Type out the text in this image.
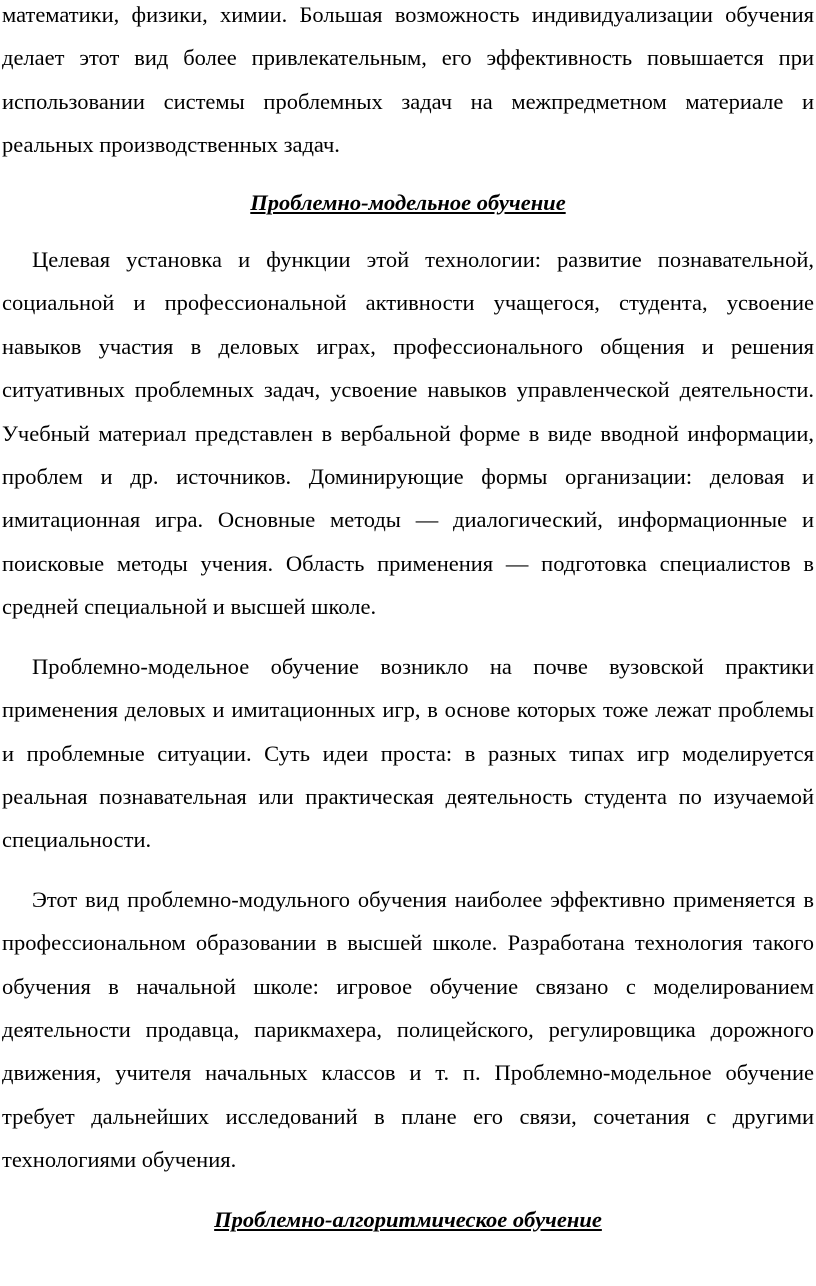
математики, физики, химии. Большая возможность индивидуализации обучения делает этот вид более привлекательным, его эффективность повышается при использовании системы проблемных задач на межпредметном материале и реальных производственных задач.

Проблемно-модельное обучение

Целевая установка и функции этой технологии: развитие познавательной, социальной и профессиональной активности учащегося, студента, усвоение навыков участия в деловых играх, профессионального общения и решения ситуативных проблемных задач, усвоение навыков управленческой деятельности. Учебный материал представлен в вербальной форме в виде вводной информации, проблем и др. источников. Доминирующие формы организации: деловая и имитационная игра. Основные методы — диалогический, информационные и поисковые методы учения. Область применения — подготовка специалистов в средней специальной и высшей школе.

Проблемно-модельное обучение возникло на почве вузовской практики применения деловых и имитационных игр, в основе которых тоже лежат проблемы и проблемные ситуации. Суть идеи проста: в разных типах игр моделируется реальная познавательная или практическая деятельность студента по изучаемой специальности.

Этот вид проблемно-модульного обучения наиболее эффективно применяется в профессиональном образовании в высшей школе. Разработана технология такого обучения в начальной школе: игровое обучение связано с моделированием деятельности продавца, парикмахера, полицейского, регулировщика дорожного движения, учителя начальных классов и т. п. Проблемно-модельное обучение требует дальнейших исследований в плане его связи, сочетания с другими технологиями обучения.

Проблемно-алгоритмическое обучение
